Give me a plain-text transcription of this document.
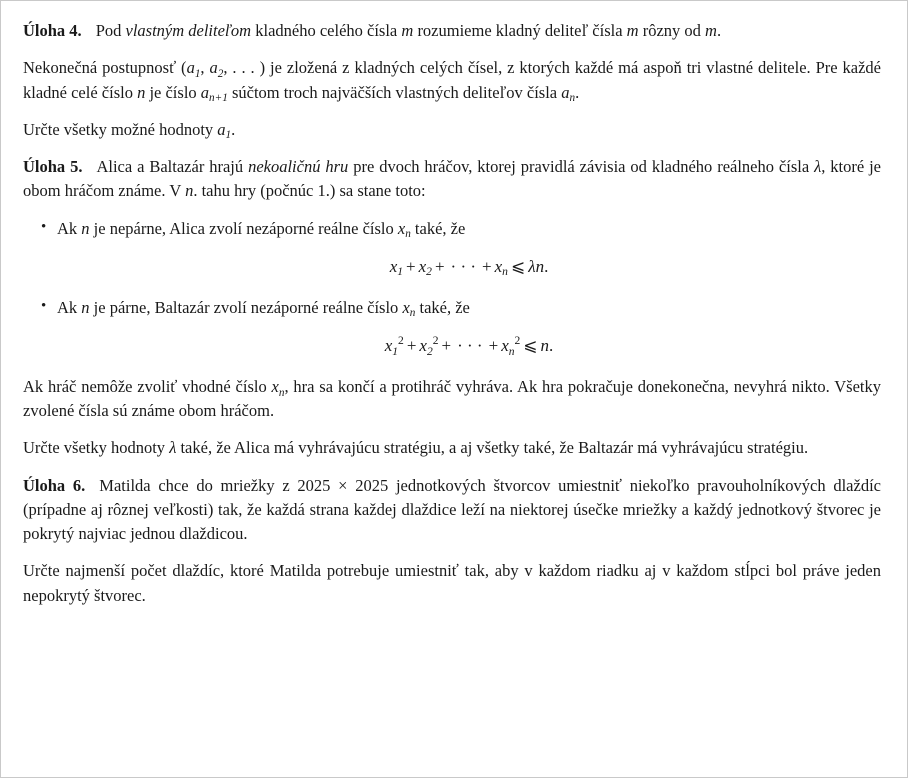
Úloha 4. Pod vlastným deliteľom kladného celého čísla m rozumieme kladný deliteľ čísla m rôzny od m.

Nekonečná postupnosť ($a_1$, $a_2$, . . . ) je zložená z kladných celých čísel, z ktorých každé má aspoň tri vlastné delitele. Pre každé kladné celé číslo n je číslo $a_{n+1}$ súčtom troch najväčších vlastných deliteľov čísla $a_n$.

Určte všetky možné hodnoty $a_1$.

Úloha 5. Alica a Baltazár hrajú nekoaličnú hru pre dvoch hráčov, ktorej pravidlá závisia od kladného reálneho čísla λ, ktoré je obom hráčom známe. V n. tahu hry (počnúc 1.) sa stane toto:

• Ak n je nepárne, Alica zvolí nezáporné reálne číslo $x_n$ také, že
$x_1 + x_2$ + · · · + $x_n$ ⩽ λn.
• Ak n je párne, Baltazár zvolí nezáporné reálne číslo $x_n$ také, že
$x_1^2 + x_2^2$ + · · · + $x_n^2$ ⩽ n.

Ak hráč nemôže zvoliť vhodné číslo $x_n$, hra sa končí a protihráč vyhráva. Ak hra pokračuje donekonečna, nevyhrá nikto. Všetky zvolené čísla sú známe obom hráčom.

Určte všetky hodnoty λ také, že Alica má vyhrávajúcu stratégiu, a aj všetky také, že Baltazár má vyhrávajúcu stratégiu.

Úloha 6. Matilda chce do mriežky z 2025 × 2025 jednotkových štvorcov umiestniť niekoľko pravouholníkových dlaždíc (prípadne aj rôznej veľkosti) tak, že každá strana každej dlaždice leží na niektorej úsečke mriežky a každý jednotkový štvorec je pokrytý najviac jednou dlaždicou.

Určte najmenší počet dlaždíc, ktoré Matilda potrebuje umiestniť tak, aby v každom riadku aj v každom stĺpci bol práve jeden nepokrytý štvorec.
